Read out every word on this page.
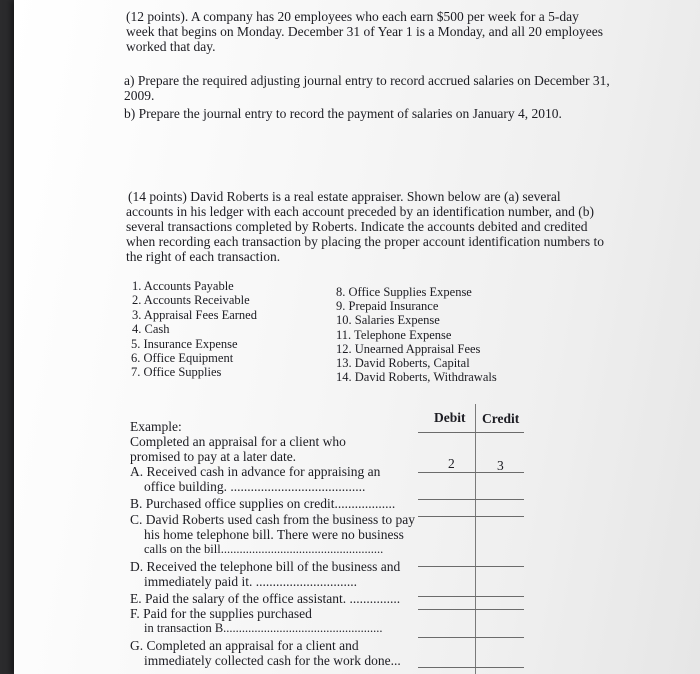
(12 points). A company has 20 employees who each earn $500 per week for a 5-day
week that begins on Monday. December 31 of Year 1 is a Monday, and all 20 employees
worked that day.
a) Prepare the required adjusting journal entry to record accrued salaries on December 31,
2009.
b) Prepare the journal entry to record the payment of salaries on January 4, 2010.
(14 points) David Roberts is a real estate appraiser. Shown below are (a) several
accounts in his ledger with each account preceded by an identification number, and (b)
several transactions completed by Roberts. Indicate the accounts debited and credited
when recording each transaction by placing the proper account identification numbers to
the right of each transaction.
1. Accounts Payable
2. Accounts Receivable
3. Appraisal Fees Earned
4. Cash
5. Insurance Expense
6. Office Equipment
7. Office Supplies
8. Office Supplies Expense
9. Prepaid Insurance
10. Salaries Expense
11. Telephone Expense
12. Unearned Appraisal Fees
13. David Roberts, Capital
14. David Roberts, Withdrawals
Debit Credit
2	3
Example:
Completed an appraisal for a client who
promised to pay at a later date.
A. Received cash in advance for appraising an
office building. ........................................
B. Purchased office supplies on credit..................
C. David Roberts used cash from the business to pay
his home telephone bill. There were no business
calls on the bill....................................................
D. Received the telephone bill of the business and
immediately paid it. ..............................
E. Paid the salary of the office assistant. ...............
F. Paid for the supplies purchased
in transaction B...................................................
G. Completed an appraisal for a client and
immediately collected cash for the work done...
